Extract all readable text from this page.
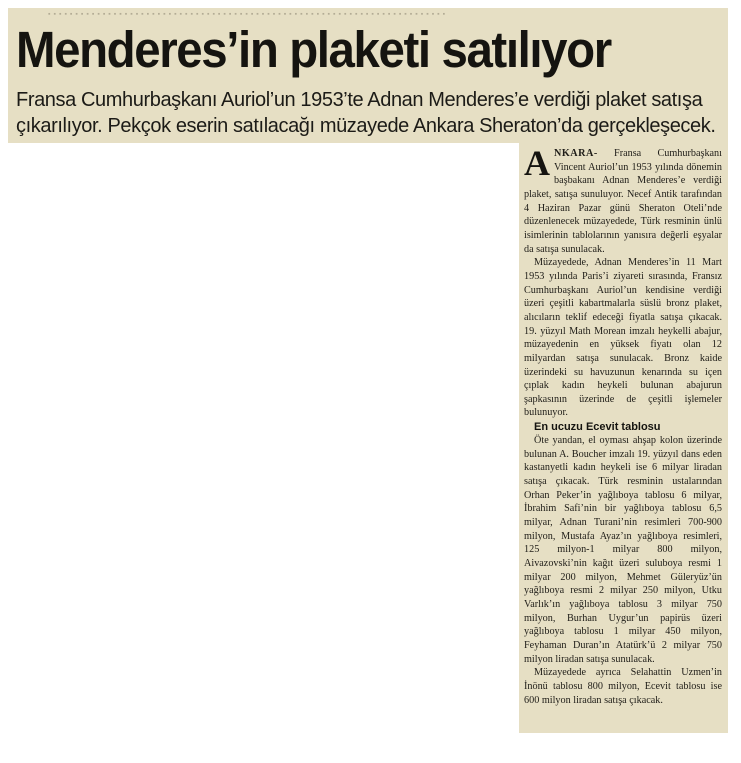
▪▪▪▪▪▪▪▪▪▪▪▪▪▪▪▪▪▪▪▪▪▪▪▪▪▪▪▪▪▪▪▪▪▪▪▪▪▪▪▪▪▪▪▪▪▪▪▪▪▪▪▪▪▪▪▪▪▪▪▪▪▪▪▪▪▪▪▪▪▪▪▪▪
Menderes’in plaketi satılıyor
Fransa Cumhurbaşkanı Auriol’un 1953’te Adnan Menderes’e verdiği plaket satışa
çıkarılıyor. Pekçok eserin satılacağı müzayede Ankara Sheraton’da gerçekleşecek.

ANKARA- Fransa Cumhurbaşkanı Vincent Auriol’un 1953 yılında dönemin başbakanı Adnan Menderes’e verdiği plaket, satışa sunuluyor. Necef Antik tarafından 4 Haziran Pazar günü Sheraton Oteli’nde düzenlenecek müzayedede, Türk resminin ünlü isimlerinin tablolarının yanısıra değerli eşyalar da satışa sunulacak.

Müzayedede, Adnan Menderes’in 11 Mart 1953 yılında Paris’i ziyareti sırasında, Fransız Cumhurbaşkanı Auriol’un kendisine verdiği üzeri çeşitli kabartmalarla süslü bronz plaket, alıcıların teklif edeceği fiyatla satışa çıkacak. 19. yüzyıl Math Morean imzalı heykelli abajur, müzayedenin en yüksek fiyatı olan 12 milyardan satışa sunulacak. Bronz kaide üzerindeki su havuzunun kenarında su içen çıplak kadın heykeli bulunan abajurun şapkasının üzerinde de çeşitli işlemeler bulunuyor.

En ucuzu Ecevit tablosu

Öte yandan, el oyması ahşap kolon üzerinde bulunan A. Boucher imzalı 19. yüzyıl dans eden kastanyetli kadın heykeli ise 6 milyar liradan satışa çıkacak. Türk resminin ustalarından Orhan Peker’in yağlıboya tablosu 6 milyar, İbrahim Safi’nin bir yağlıboya tablosu 6,5 milyar, Adnan Turani’nin resimleri 700-900 milyon, Mustafa Ayaz’ın yağlıboya resimleri, 125 milyon-1 milyar 800 milyon, Aivazovski’nin kağıt üzeri suluboya resmi 1 milyar 200 milyon, Mehmet Güleryüz’ün yağlıboya resmi 2 milyar 250 milyon, Utku Varlık’ın yağlıboya tablosu 3 milyar 750 milyon, Burhan Uygur’un papirüs üzeri yağlıboya tablosu 1 milyar 450 milyon, Feyhaman Duran’ın Atatürk’ü 2 milyar 750 milyon liradan satışa sunulacak.

Müzayedede ayrıca Selahattin Uzmen’in İnönü tablosu 800 milyon, Ecevit tablosu ise 600 milyon liradan satışa çıkacak.
